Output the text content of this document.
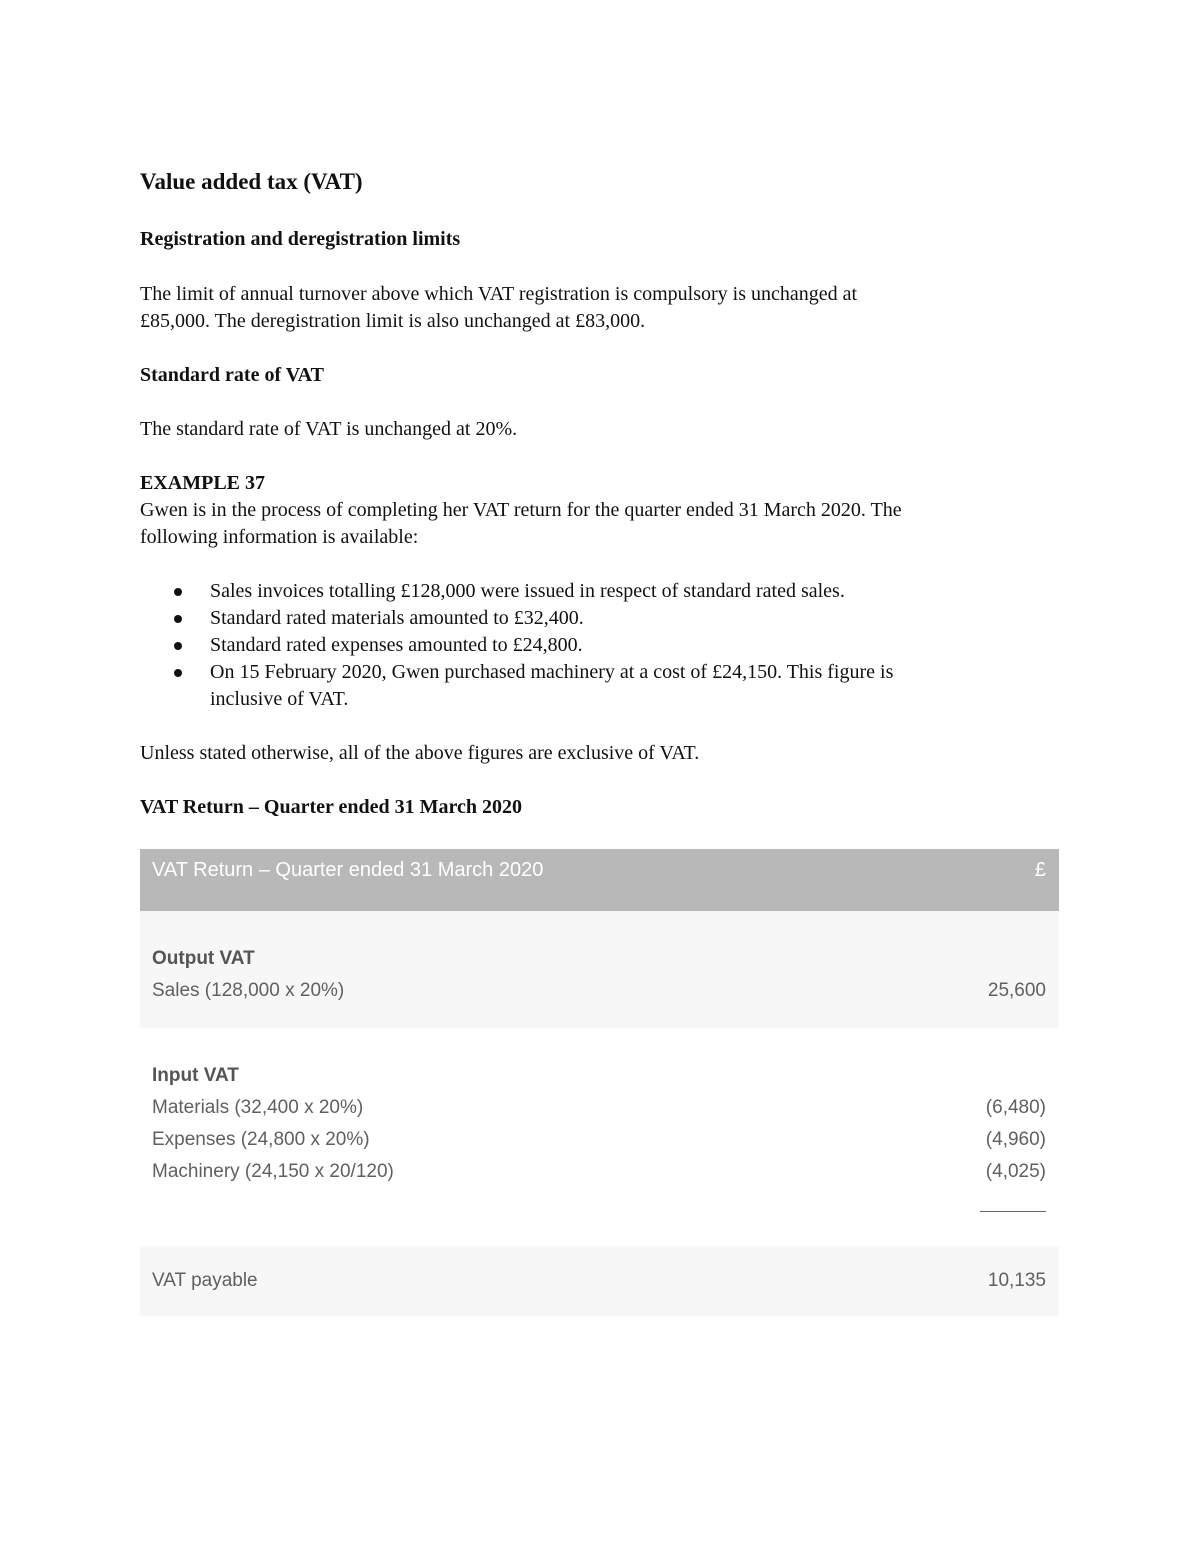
Value added tax (VAT)
Registration and deregistration limits

The limit of annual turnover above which VAT registration is compulsory is unchanged at
£85,000. The deregistration limit is also unchanged at £83,000.

Standard rate of VAT

The standard rate of VAT is unchanged at 20%.

EXAMPLE 37

Gwen is in the process of completing her VAT return for the quarter ended 31 March 2020. The
following information is available:

Sales invoices totalling £128,000 were issued in respect of standard rated sales.
Standard rated materials amounted to £32,400.
Standard rated expenses amounted to £24,800.
On 15 February 2020, Gwen purchased machinery at a cost of £24,150. This figure is
inclusive of VAT.

Unless stated otherwise, all of the above figures are exclusive of VAT.

VAT Return – Quarter ended 31 March 2020
VAT Return – Quarter ended 31 March 2020	£
Output VAT
Sales (128,000 x 20%)	25,600
Input VAT
Materials (32,400 x 20%)	(6,480)
Expenses (24,800 x 20%)	(4,960)
Machinery (24,150 x 20/120)	(4,025)
VAT payable	10,135
